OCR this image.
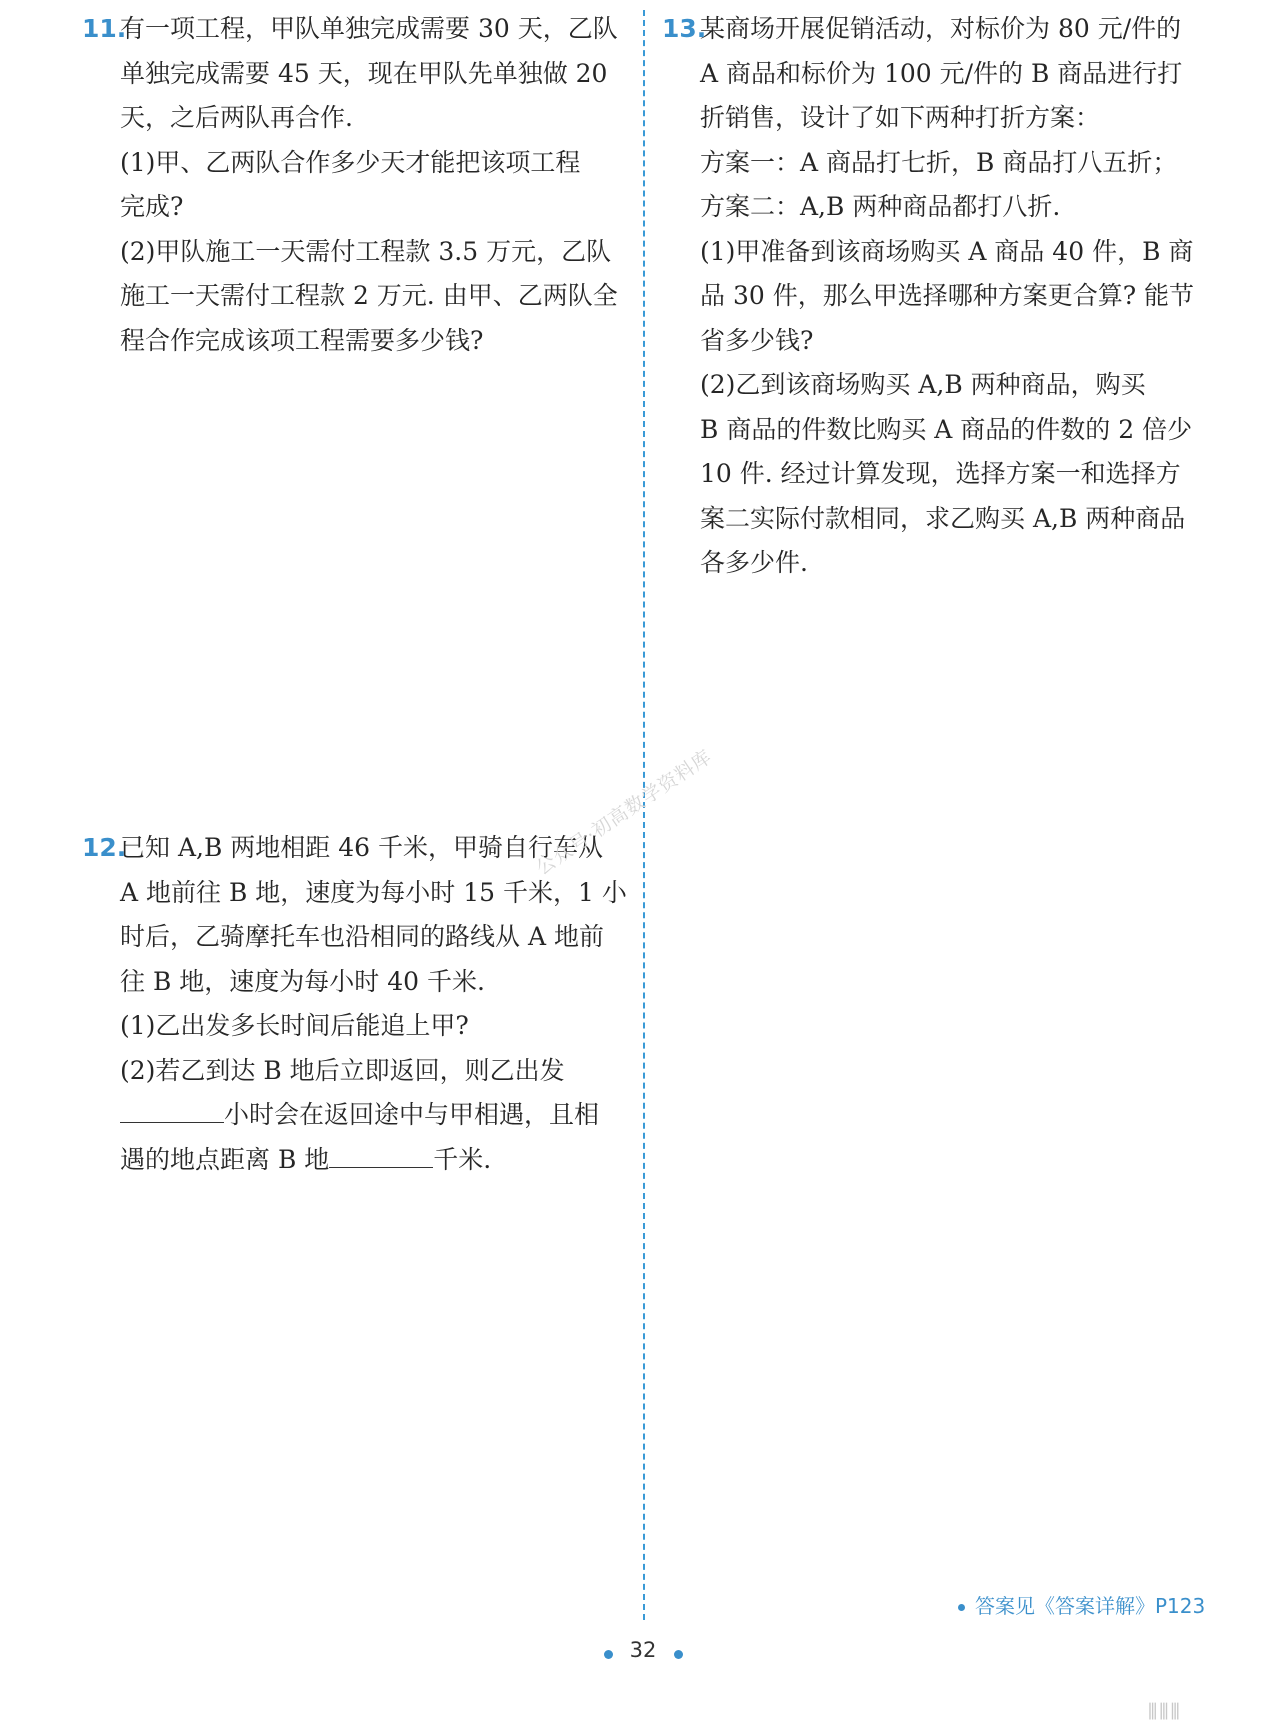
11.
有一项工程，甲队单独完成需要 30 天，乙队
单独完成需要 45 天，现在甲队先单独做 20
天，之后两队再合作.
(1)甲、乙两队合作多少天才能把该项工程
完成?
(2)甲队施工一天需付工程款 3.5 万元，乙队
施工一天需付工程款 2 万元. 由甲、乙两队全
程合作完成该项工程需要多少钱?
12.
已知 A,B 两地相距 46 千米，甲骑自行车从
A 地前往 B 地，速度为每小时 15 千米，1 小
时后，乙骑摩托车也沿相同的路线从 A 地前
往 B 地，速度为每小时 40 千米.
(1)乙出发多长时间后能追上甲?
(2)若乙到达 B 地后立即返回，则乙出发
小时会在返回途中与甲相遇，且相
遇的地点距离 B 地	千米.
13.
某商场开展促销活动，对标价为 80 元/件的
A 商品和标价为 100 元/件的 B 商品进行打
折销售，设计了如下两种打折方案：
方案一：A 商品打七折，B 商品打八五折；
方案二：A,B 两种商品都打八折.
(1)甲准备到该商场购买 A 商品 40 件，B 商
品 30 件，那么甲选择哪种方案更合算? 能节
省多少钱?
(2)乙到该商场购买 A,B 两种商品，购买
B 商品的件数比购买 A 商品的件数的 2 倍少
10 件. 经过计算发现，选择方案一和选择方
案二实际付款相同，求乙购买 A,B 两种商品
各多少件.
公众号·初高数学资料库
答案见《答案详解》P123
32
⫴⫴⫴
